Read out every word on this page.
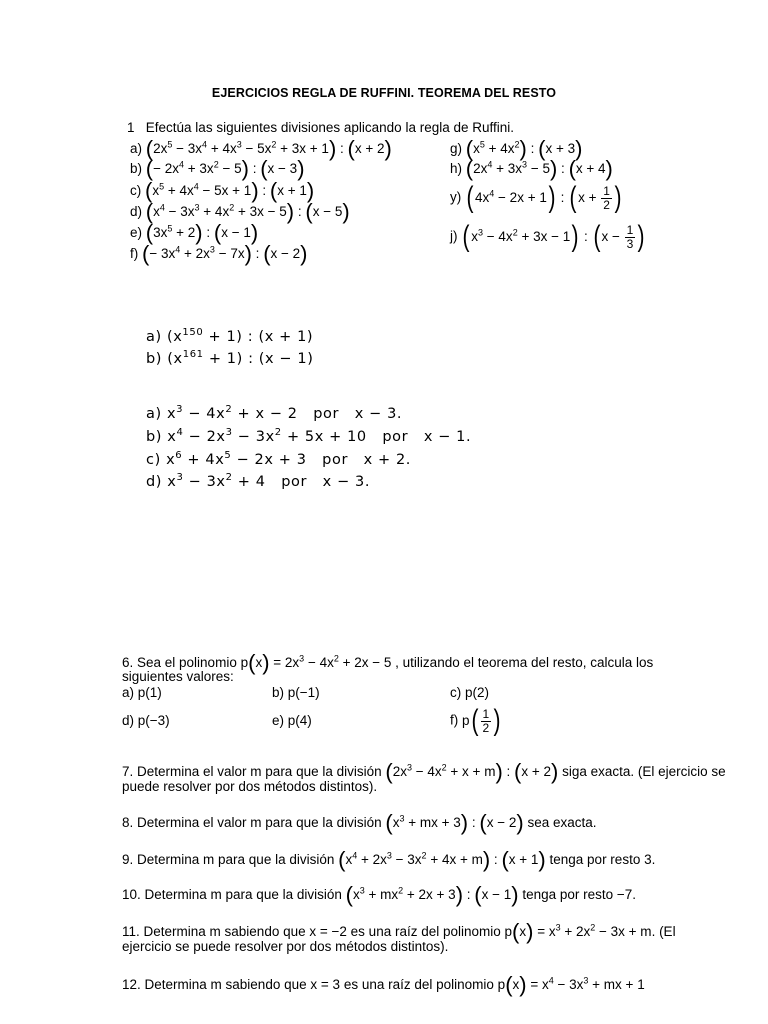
EJERCICIOS REGLA DE RUFFINI. TEOREMA DEL RESTO
1 Efectúa las siguientes divisiones aplicando la regla de Ruffini.
a) $(2x^5 - 3x^4 + 4x^3 - 5x^2 + 3x + 1)$ : (x + 2)
b) (− $2x^4 + 3x^2 - 5$) : (x − 3)
c) $(x^5 + 4x^4 - 5x + 1)$ : (x + 1)
d) $(x^4 - 3x^3 + 4x^2 + 3x - 5)$ : (x − 5)
e) $(3x^5 + 2)$ : (x − 1)
f) (− $3x^4 + 2x^3 - 7x$) : (x − 2)
g) $(x^5 + 4x^2)$ : (x + 3)
h) $(2x^4 + 3x^3 - 5)$ : (x + 4)
y) ( $4x^4 - 2x + 1$) : ( $x + \frac{1}{2}$ )
j) ( $x^3 - 4x^2 + 3x - 1$) : ( $x - \frac{1}{3}$ )
a) $(x^{150} + 1)$ : (x + 1)
b) $(x^{161} + 1)$ : (x − 1)
a) $x^3 - 4x^2 + x - 2$   por   x − 3.
b) $x^4 - 2x^3 - 3x^2 + 5x + 10$   por   x − 1.
c) $x^6 + 4x^5 - 2x + 3$   por   x + 2.
d) $x^3 - 3x^2 + 4$   por   x − 3.
6. Sea el polinomio $p(x) = 2x^3 - 4x^2 + 2x - 5$ , utilizando el teorema del resto, calcula los
siguientes valores:
a) p(1)	b) p(−1)	c) p(2)
d) p(−3)	e) p(4)	f) $p( \frac{1}{2}$ )
7. Determina el valor m para que la división $(2x^3 - 4x^2 + x + m)$ : (x + 2) siga exacta. (El ejercicio se
puede resolver por dos métodos distintos).
8. Determina el valor m para que la división ($x^3$ + mx + 3) : (x − 2) sea exacta.
9. Determina m para que la división $(x^4 + 2x^3 - 3x^2 + 4x + m)$ : (x + 1) tenga por resto 3.
10. Determina m para que la división $(x^3 + mx^2 + 2x + 3)$ : (x − 1) tenga por resto −7.
11. Determina m sabiendo que x = −2 es una raíz del polinomio $p(x) = x^3 + 2x^2 - 3x + m$. (El
ejercicio se puede resolver por dos métodos distintos).
12. Determina m sabiendo que x = 3 es una raíz del polinomio $p(x) = x^4 - 3x^3$ + mx + 1
